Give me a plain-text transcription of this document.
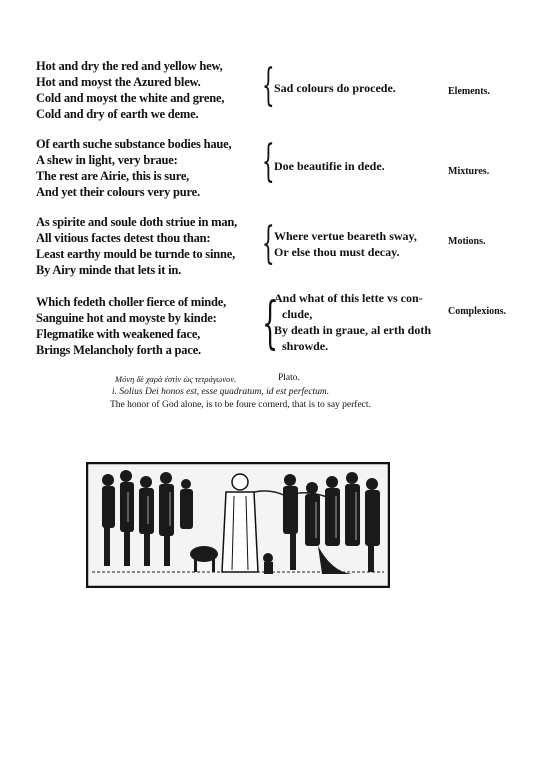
Hot and dry the red and yellow hew,
Hot and moyst the Azured blew.
Cold and moyst the white and grene,
Cold and dry of earth we deme.
{ Sad colours do procede.	Elements.
Of earth suche substance bodies haue,
A shew in light, very braue:
The rest are Airie, this is sure,
And yet their colours very pure.
{ Doe beautifie in dede.	Mixtures.
As spirite and soule doth striue in man,
All vitious factes detest thou than:
Least earthy mould be turnde to sinne,
By Airy minde that lets it in.
{ Where vertue beareth sway,
Or else thou must decay.
Motions.
Which fedeth choller fierce of minde,
Sanguine hot and moyste by kinde:
Flegmatike with weakened face,
Brings Melancholy forth a pace.	{
And what of this lette vs con-
clude,
By death in graue, al erth doth
shrowde.
Complexions.
Μόνη δὲ χαρὰ ἐστὶν ὡς τετράγωνον.	Plato.
i. Solius Dei honos est, esse quadratum, id est perfectum.
The honor of God alone, is to be foure cornerd, that is to say perfect.
